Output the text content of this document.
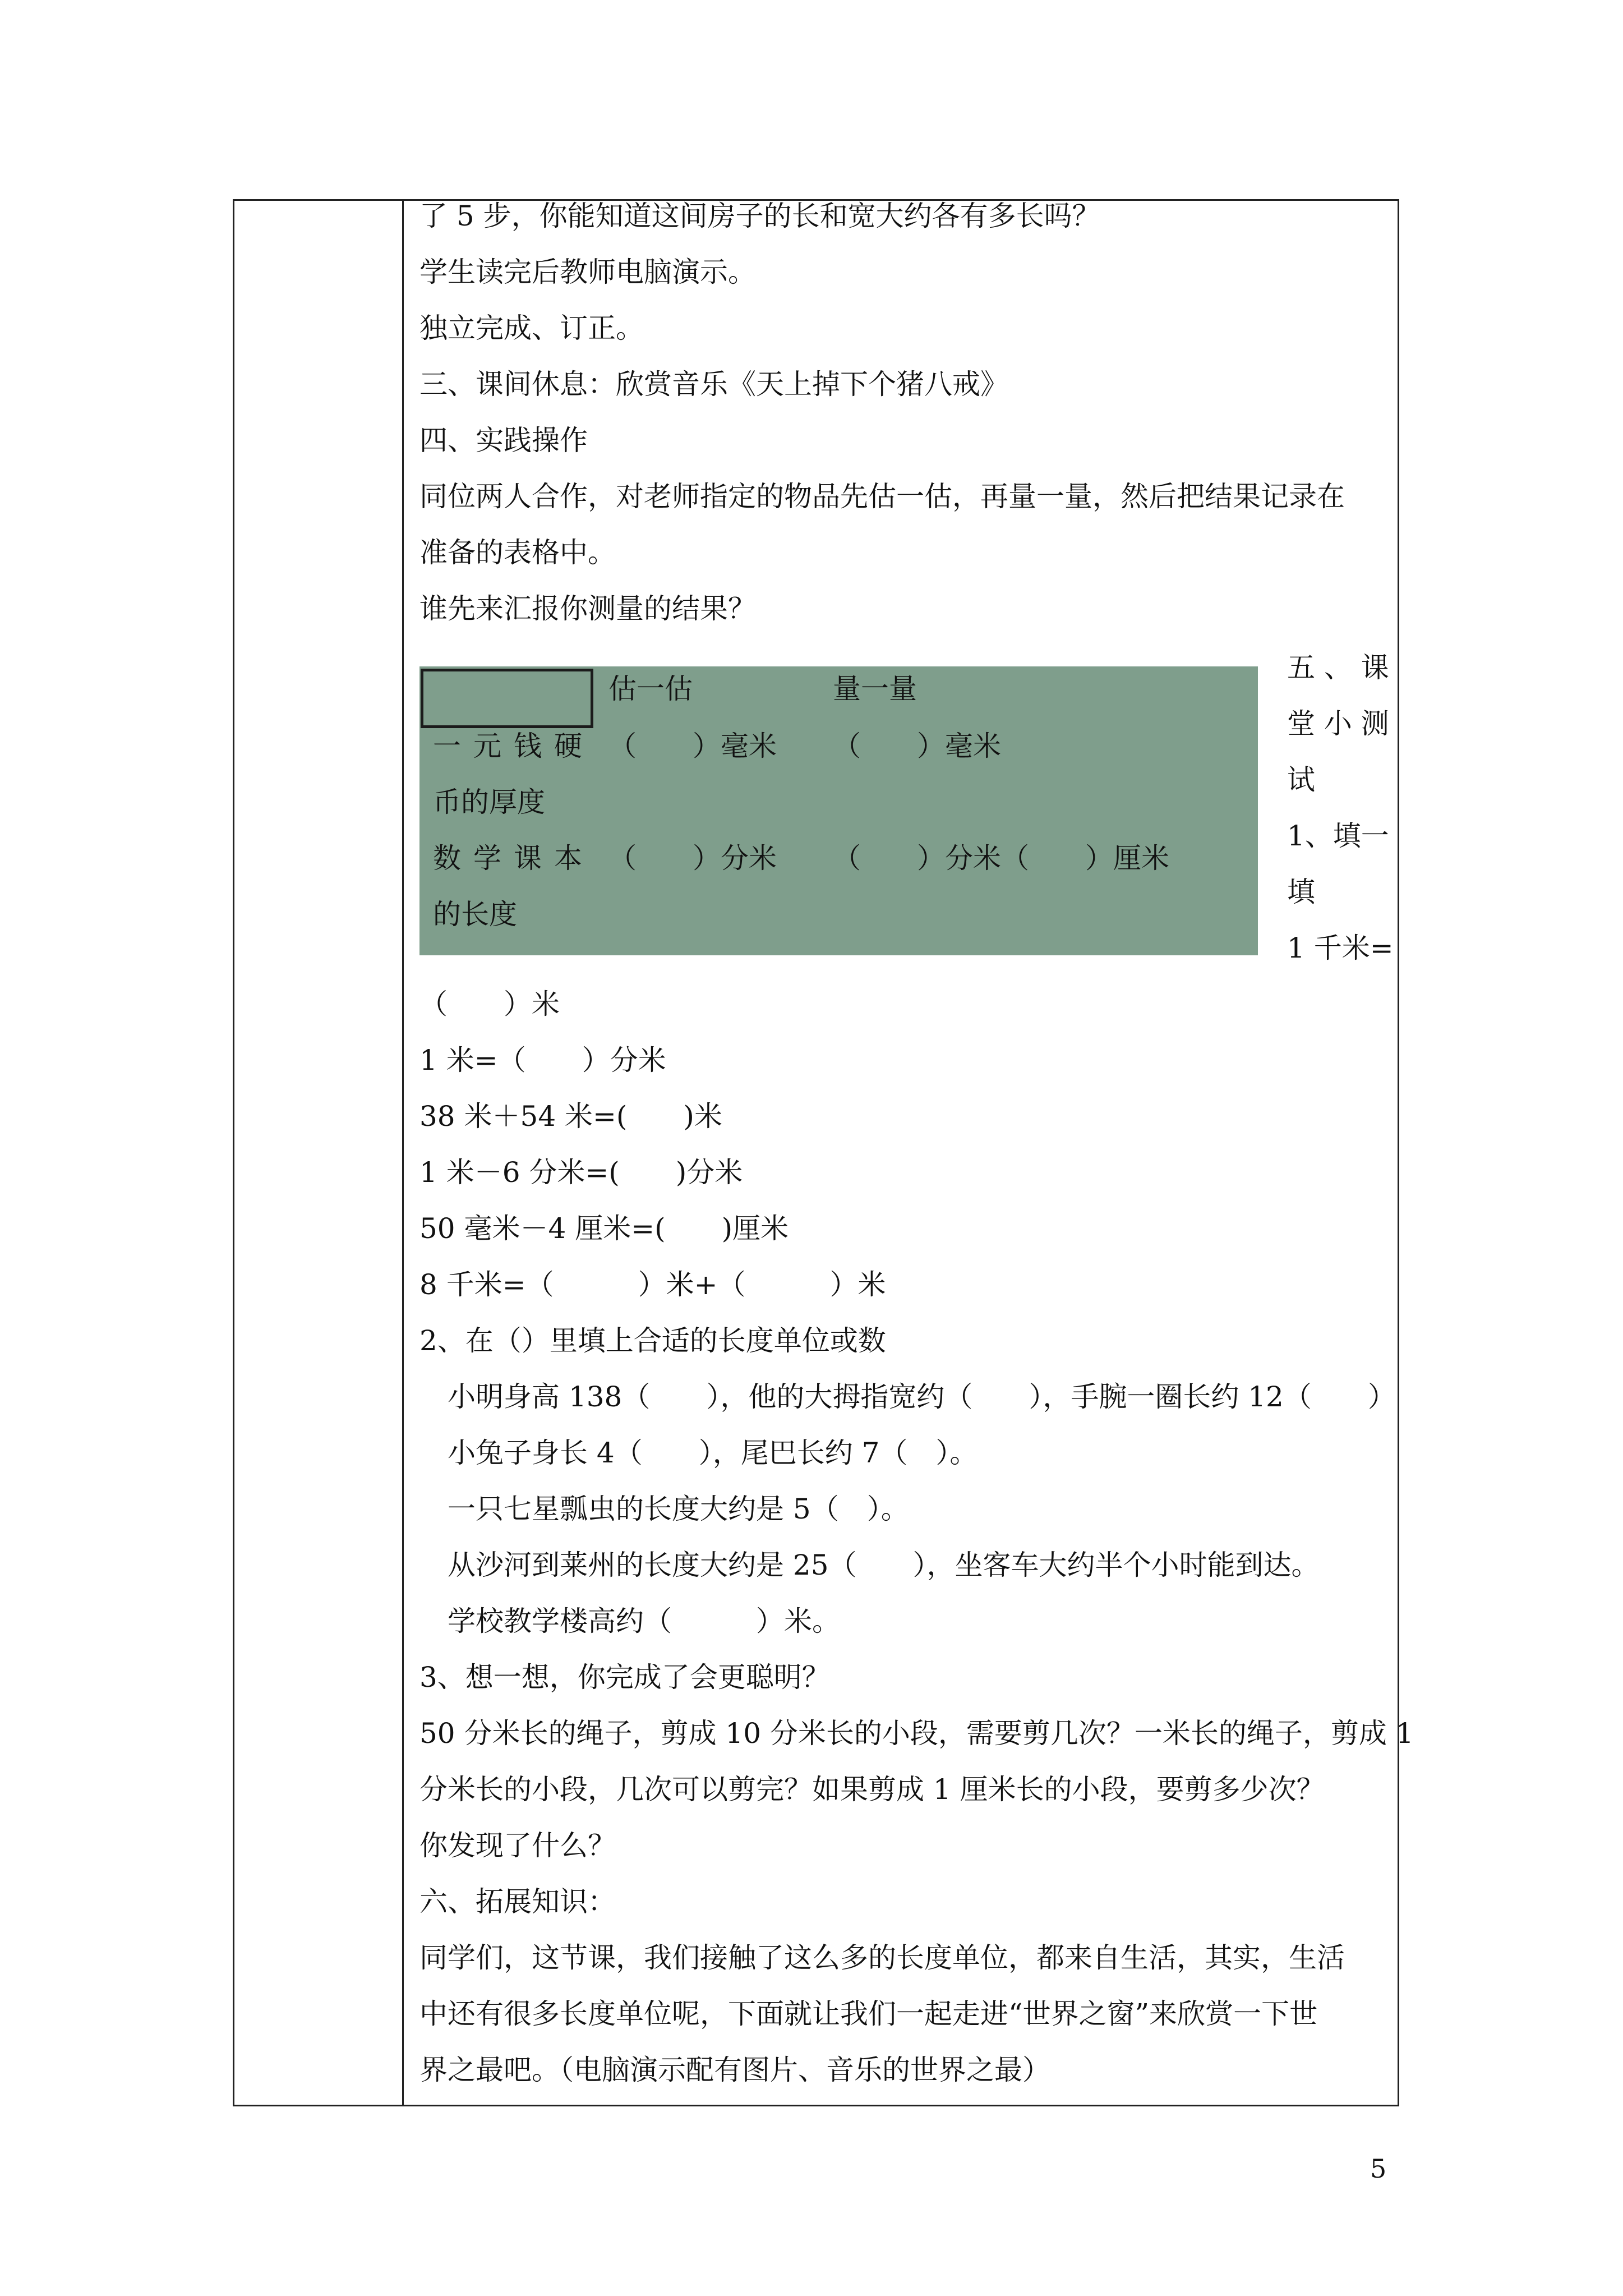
了 5 步，你能知道这间房子的长和宽大约各有多长吗？
学生读完后教师电脑演示。
独立完成、订正。
三、课间休息：欣赏音乐《天上掉下个猪八戒》
四、实践操作
同位两人合作，对老师指定的物品先估一估，再量一量，然后把结果记录在
准备的表格中。
谁先来汇报你测量的结果？
估一估	量一量
一元钱硬
币的厚度
（　　）毫米 （　　）毫米
数学课本
的长度
（　　）分米 （　　）分米（　　）厘米
五 、 课
堂 小 测
试
1、填一
填
1 千米=
（　　）米
1 米=（　　）分米
38 米＋54 米=(　　)米
1 米－6 分米=(　　)分米
50 毫米－4 厘米=(　　)厘米
8 千米=（　　　）米+（　　　）米
2、在（）里填上合适的长度单位或数
　小明身高 138（　　），他的大拇指宽约（　　），手腕一圈长约 12（　　）
　小兔子身长 4（　　），尾巴长约 7（　）。
　一只七星瓢虫的长度大约是 5（　）。
　从沙河到莱州的长度大约是 25（　　），坐客车大约半个小时能到达。
　学校教学楼高约（　　　）米。
3、想一想，你完成了会更聪明？
50 分米长的绳子，剪成 10 分米长的小段，需要剪几次？一米长的绳子，剪成 1
分米长的小段，几次可以剪完？如果剪成 1 厘米长的小段，要剪多少次？
你发现了什么？
六、拓展知识：
同学们，这节课，我们接触了这么多的长度单位，都来自生活，其实，生活
中还有很多长度单位呢，下面就让我们一起走进“世界之窗”来欣赏一下世
界之最吧。（电脑演示配有图片、音乐的世界之最）
5
